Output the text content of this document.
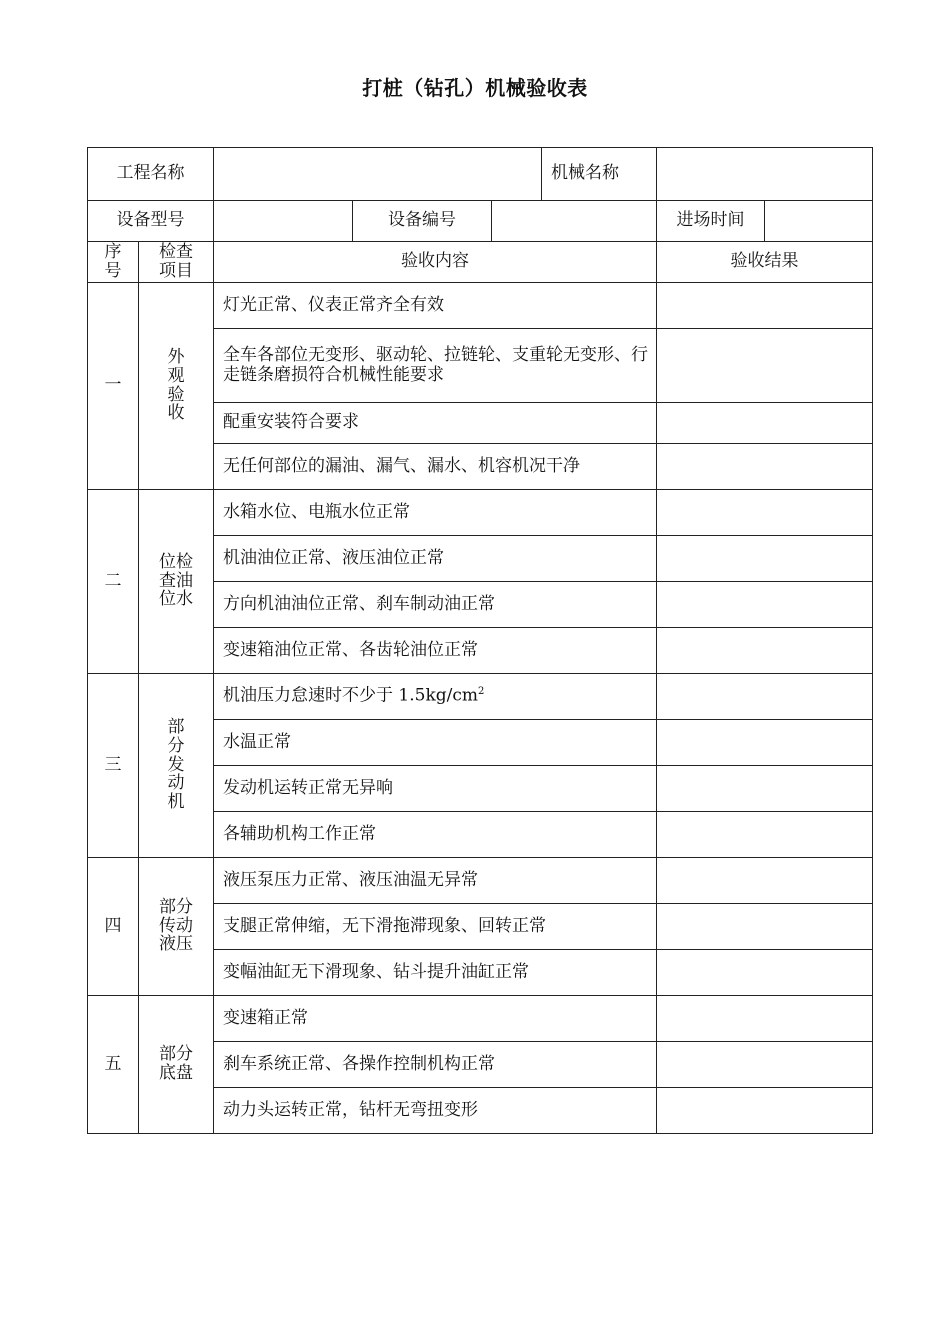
打桩（钻孔）机械验收表
工程名称					机械名称		
设备型号			设备编号			进场时间	
序号	检查项目	验收内容				验收结果	
一	外观验收	灯光正常、仪表正常齐全有效					
		全车各部位无变形、驱动轮、拉链轮、支重轮无变形、行走链条磨损符合机械性能要求					
		配重安装符合要求					
		无任何部位的漏油、漏气、漏水、机容机况干净					
二	位检查油位水	水箱水位、电瓶水位正常					
		机油油位正常、液压油位正常					
		方向机油油位正常、刹车制动油正常					
		变速箱油位正常、各齿轮油位正常					
三	部分发动机	机油压力怠速时不少于 $1.5kg/cm^2$	
		水温正常					
		发动机运转正常无异响					
		各辅助机构工作正常					
四	部分传动液压	液压泵压力正常、液压油温无异常					
		支腿正常伸缩，无下滑拖滞现象、回转正常					
		变幅油缸无下滑现象、钻斗提升油缸正常					
五	部分底盘	变速箱正常					
		刹车系统正常、各操作控制机构正常					
		动力头运转正常，钻杆无弯扭变形					
